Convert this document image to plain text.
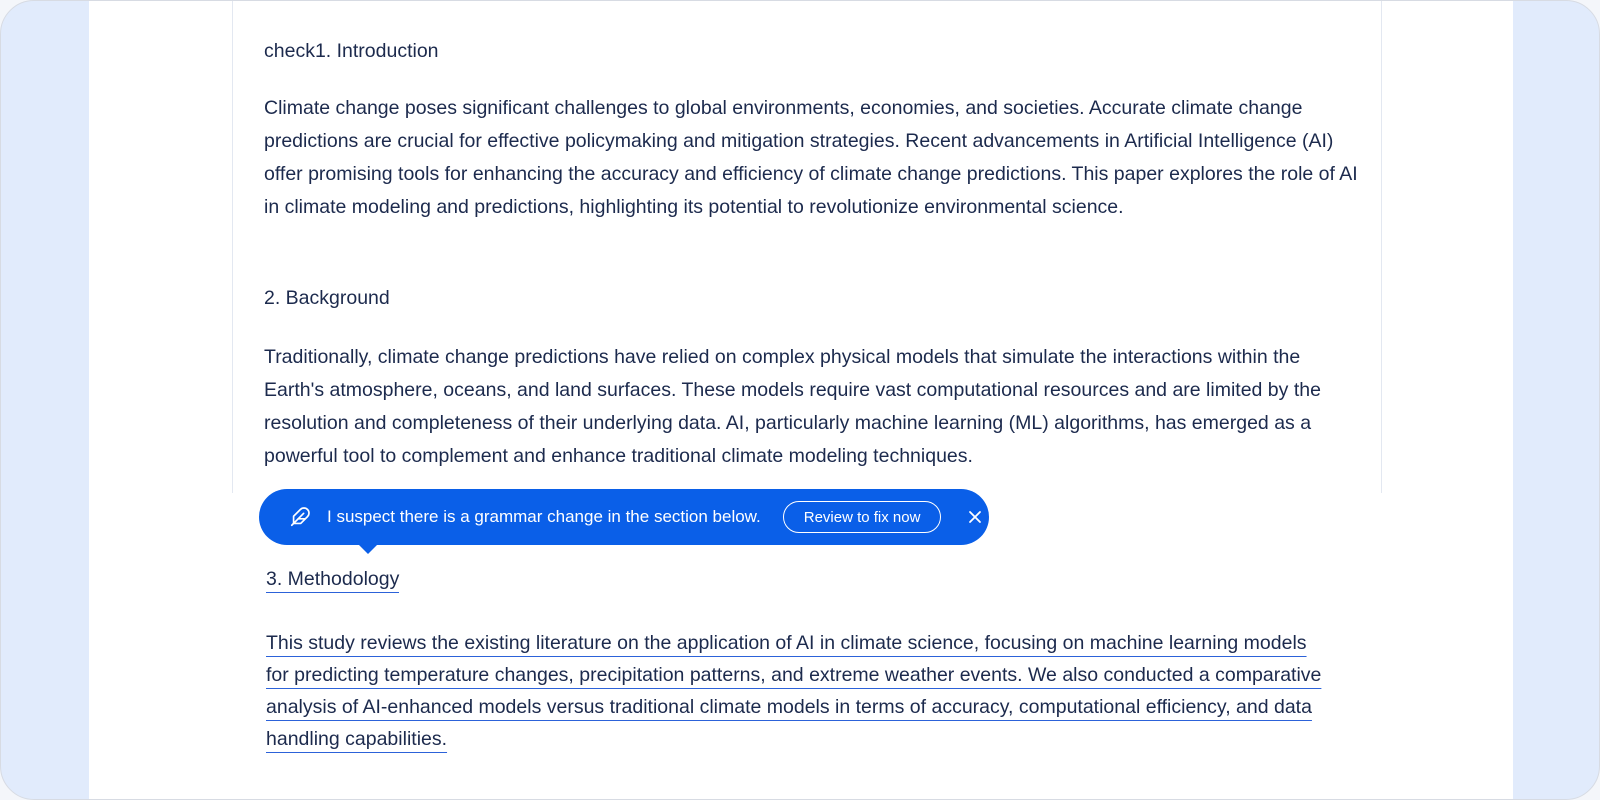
check1. Introduction

Climate change poses significant challenges to global environments, economies, and societies. Accurate climate change predictions are crucial for effective policymaking and mitigation strategies. Recent advancements in Artificial Intelligence (AI) offer promising tools for enhancing the accuracy and efficiency of climate change predictions. This paper explores the role of AI in climate modeling and predictions, highlighting its potential to revolutionize environmental science.

2. Background

Traditionally, climate change predictions have relied on complex physical models that simulate the interactions within the Earth's atmosphere, oceans, and land surfaces. These models require vast computational resources and are limited by the resolution and completeness of their underlying data. AI, particularly machine learning (ML) algorithms, has emerged as a powerful tool to complement and enhance traditional climate modeling techniques.

I suspect there is a grammar change in the section below.	Review to fix now
3. Methodology

This study reviews the existing literature on the application of AI in climate science, focusing on machine learning models for predicting temperature changes, precipitation patterns, and extreme weather events. We also conducted a comparative analysis of AI-enhanced models versus traditional climate models in terms of accuracy, computational efficiency, and data handling capabilities.
